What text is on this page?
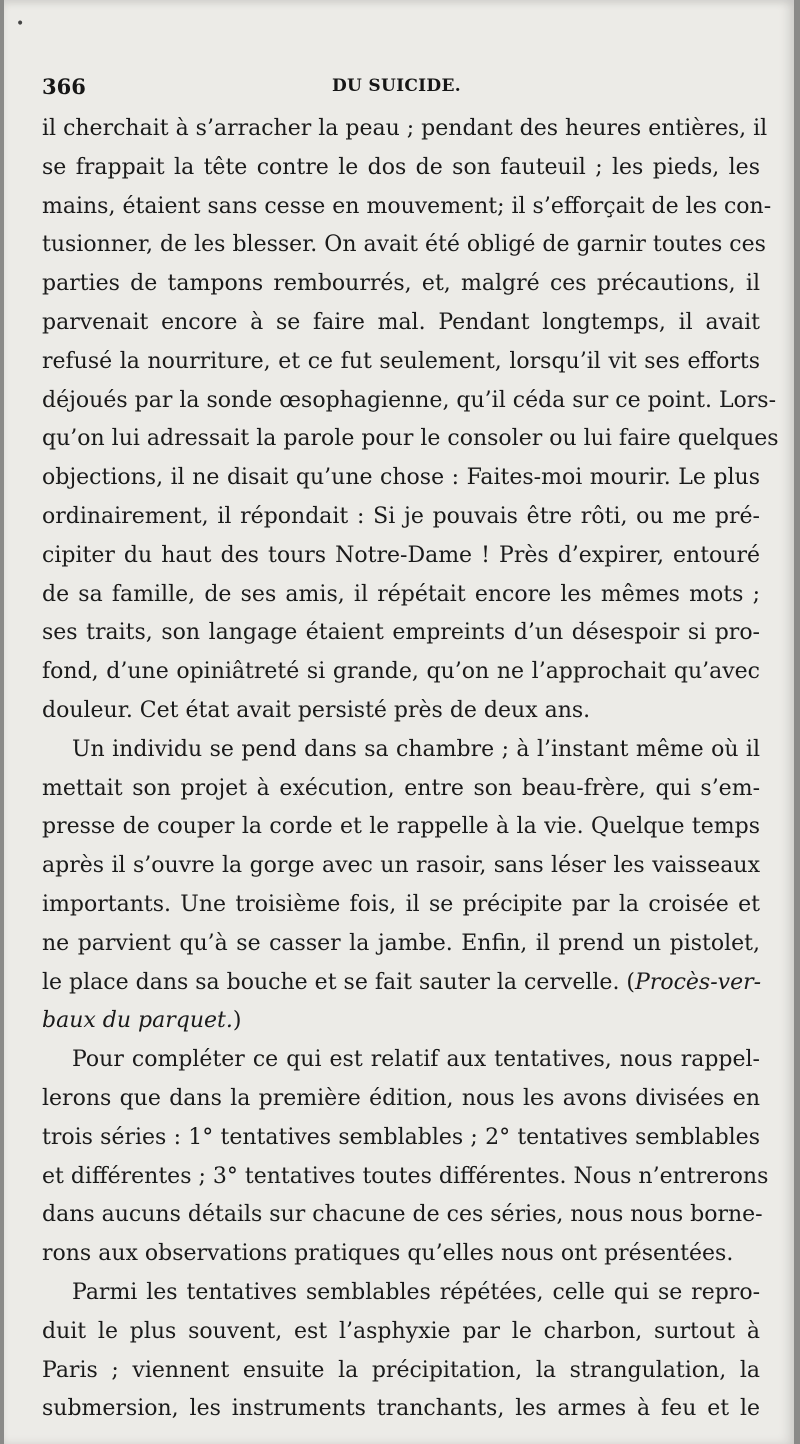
•
366	DU SUICIDE.
il cherchait à s’arracher la peau ; pendant des heures entières, il
se frappait la tête contre le dos de son fauteuil ; les pieds, les
mains, étaient sans cesse en mouvement; il s’efforçait de les con-
tusionner, de les blesser. On avait été obligé de garnir toutes ces
parties de tampons rembourrés, et, malgré ces précautions, il
parvenait encore à se faire mal. Pendant longtemps, il avait
refusé la nourriture, et ce fut seulement, lorsqu’il vit ses efforts
déjoués par la sonde œsophagienne, qu’il céda sur ce point. Lors-
qu’on lui adressait la parole pour le consoler ou lui faire quelques
objections, il ne disait qu’une chose : Faites-moi mourir. Le plus
ordinairement, il répondait : Si je pouvais être rôti, ou me pré-
cipiter du haut des tours Notre-Dame ! Près d’expirer, entouré
de sa famille, de ses amis, il répétait encore les mêmes mots ;
ses traits, son langage étaient empreints d’un désespoir si pro-
fond, d’une opiniâtreté si grande, qu’on ne l’approchait qu’avec
douleur. Cet état avait persisté près de deux ans.
Un individu se pend dans sa chambre ; à l’instant même où il
mettait son projet à exécution, entre son beau-frère, qui s’em-
presse de couper la corde et le rappelle à la vie. Quelque temps
après il s’ouvre la gorge avec un rasoir, sans léser les vaisseaux
importants. Une troisième fois, il se précipite par la croisée et
ne parvient qu’à se casser la jambe. Enfin, il prend un pistolet,
le place dans sa bouche et se fait sauter la cervelle. (Procès-ver-
baux du parquet.)
Pour compléter ce qui est relatif aux tentatives, nous rappel-
lerons que dans la première édition, nous les avons divisées en
trois séries : 1° tentatives semblables ; 2° tentatives semblables
et différentes ; 3° tentatives toutes différentes. Nous n’entrerons
dans aucuns détails sur chacune de ces séries, nous nous borne-
rons aux observations pratiques qu’elles nous ont présentées.
Parmi les tentatives semblables répétées, celle qui se repro-
duit le plus souvent, est l’asphyxie par le charbon, surtout à
Paris ; viennent ensuite la précipitation, la strangulation, la
submersion, les instruments tranchants, les armes à feu et le
